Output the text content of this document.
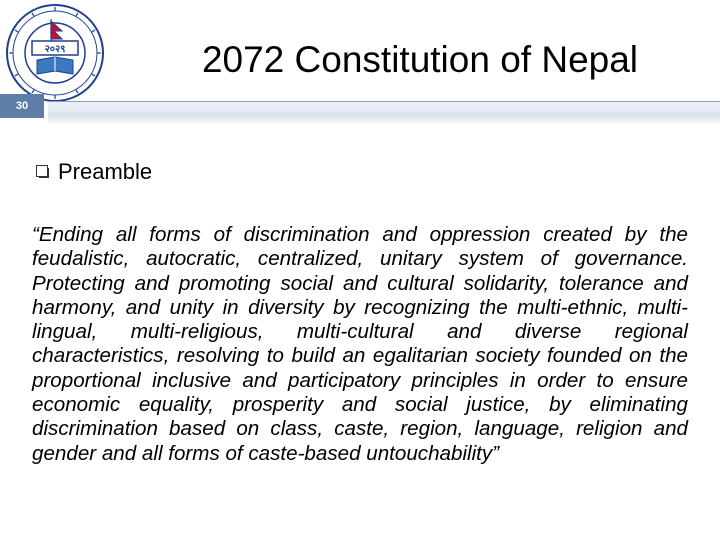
२०२९	2072 Constitution of Nepal
30
Preamble

“Ending all forms of discrimination and oppression created by the feudalistic, autocratic, centralized, unitary system of governance. Protecting and promoting social and cultural solidarity, tolerance and harmony, and unity in diversity by recognizing the multi-ethnic, multi-lingual, multi-religious, multi-cultural and diverse regional characteristics, resolving to build an egalitarian society founded on the proportional inclusive and participatory principles in order to ensure economic equality, prosperity and social justice, by eliminating discrimination based on class, caste, region, language, religion and gender and all forms of caste-based untouchability”
